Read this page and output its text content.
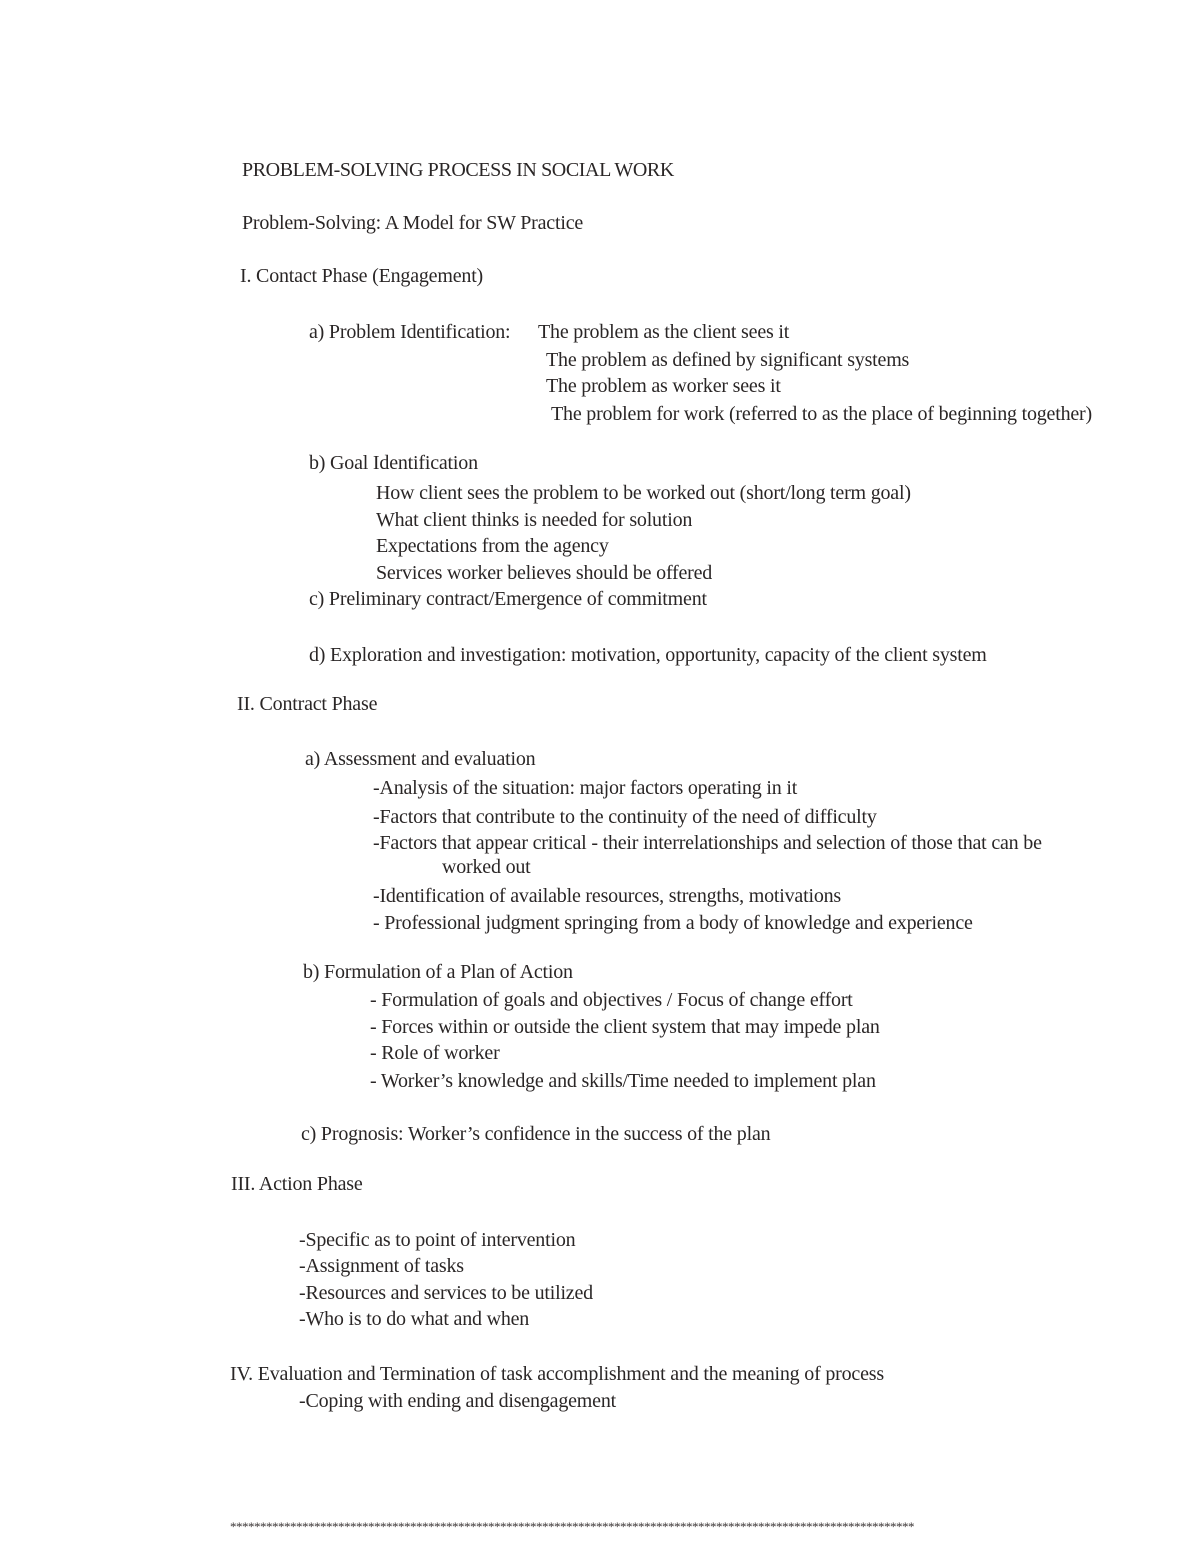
PROBLEM-SOLVING PROCESS IN SOCIAL WORK
Problem-Solving: A Model for SW Practice
I. Contact Phase (Engagement)
a) Problem Identification: The problem as the client sees it
The problem as defined by significant systems
The problem as worker sees it
The problem for work (referred to as the place of beginning together)
b) Goal Identification
How client sees the problem to be worked out (short/long term goal)
What client thinks is needed for solution
Expectations from the agency
Services worker believes should be offered
c) Preliminary contract/Emergence of commitment
d) Exploration and investigation: motivation, opportunity, capacity of the client system
II. Contract Phase
a) Assessment and evaluation
-Analysis of the situation: major factors operating in it
-Factors that contribute to the continuity of the need of difficulty
-Factors that appear critical - their interrelationships and selection of those that can be
worked out
-Identification of available resources, strengths, motivations
- Professional judgment springing from a body of knowledge and experience
b) Formulation of a Plan of Action
- Formulation of goals and objectives / Focus of change effort
- Forces within or outside the client system that may impede plan
- Role of worker
- Worker’s knowledge and skills/Time needed to implement plan
c) Prognosis: Worker’s confidence in the success of the plan
III. Action Phase
-Specific as to point of intervention
-Assignment of tasks
-Resources and services to be utilized
-Who is to do what and when
IV. Evaluation and Termination of task accomplishment and the meaning of process
-Coping with ending and disengagement
******************************************************************************************************************
